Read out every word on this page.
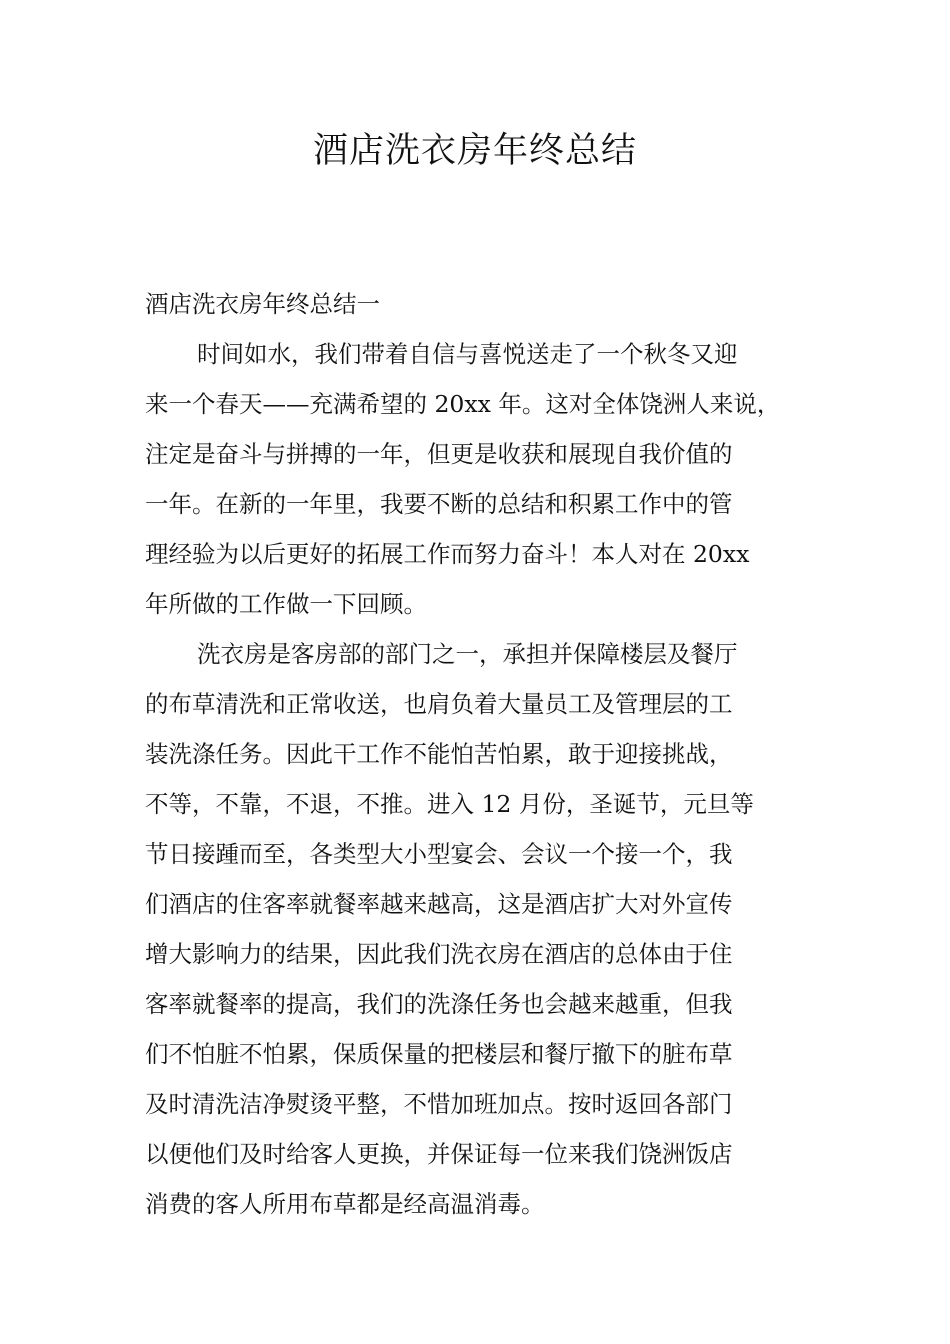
酒店洗衣房年终总结
酒店洗衣房年终总结一
时间如水，我们带着自信与喜悦送走了一个秋冬又迎
来一个春天——充满希望的 20xx 年。这对全体饶洲人来说，
注定是奋斗与拼搏的一年，但更是收获和展现自我价值的
一年。在新的一年里，我要不断的总结和积累工作中的管
理经验为以后更好的拓展工作而努力奋斗！本人对在 20xx
年所做的工作做一下回顾。
洗衣房是客房部的部门之一，承担并保障楼层及餐厅
的布草清洗和正常收送，也肩负着大量员工及管理层的工
装洗涤任务。因此干工作不能怕苦怕累，敢于迎接挑战，
不等，不靠，不退，不推。进入 12 月份，圣诞节，元旦等
节日接踵而至，各类型大小型宴会、会议一个接一个，我
们酒店的住客率就餐率越来越高，这是酒店扩大对外宣传
增大影响力的结果，因此我们洗衣房在酒店的总体由于住
客率就餐率的提高，我们的洗涤任务也会越来越重，但我
们不怕脏不怕累，保质保量的把楼层和餐厅撤下的脏布草
及时清洗洁净熨烫平整，不惜加班加点。按时返回各部门
以便他们及时给客人更换，并保证每一位来我们饶洲饭店
消费的客人所用布草都是经高温消毒。
